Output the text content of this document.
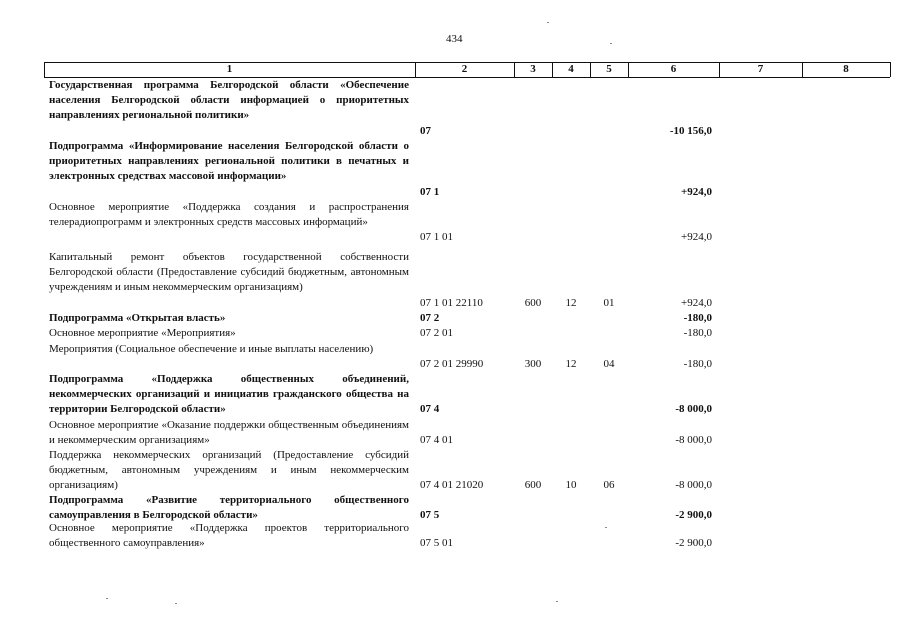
434
1	2	3	4	5	6	7	8
Государственная программа Белгородской области «Обеспечение населения Белгородской области информацией о приоритетных направлениях региональной политики»
07	-10 156,0
Подпрограмма «Информирование населения Белгородской области о приоритетных направлениях региональной политики в печатных и электронных средствах массовой информации»
07 1	+924,0
Основное мероприятие «Поддержка создания и распространения телерадиопрограмм и электронных средств массовых информаций»
07 1 01	+924,0
Капитальный ремонт объектов государственной собственности Белгородской области (Предоставление субсидий бюджетным, автономным учреждениям и иным некоммерческим организациям)
07 1 01 22110	600	12	01	+924,0
Подпрограмма «Открытая власть»	07 2	-180,0
Основное мероприятие «Мероприятия»	07 2 01	-180,0
Мероприятия (Социальное обеспечение и иные выплаты населению)
07 2 01 29990	300	12	04	-180,0
Подпрограмма «Поддержка общественных объединений, некоммерческих организаций и инициатив гражданского общества на территории Белгородской области»	07 4	-8 000,0
Основное мероприятие «Оказание поддержки общественным объединениям и некоммерческим организациям»	07 4 01	-8 000,0
Поддержка некоммерческих организаций (Предоставление субсидий бюджетным, автономным учреждениям и иным некоммерческим организациям)	07 4 01 21020	600	10	06	-8 000,0
Подпрограмма «Развитие территориального общественного самоуправления в Белгородской области»	07 5	-2 900,0
Основное мероприятие «Поддержка проектов территориального общественного самоуправления»	07 5 01	-2 900,0
